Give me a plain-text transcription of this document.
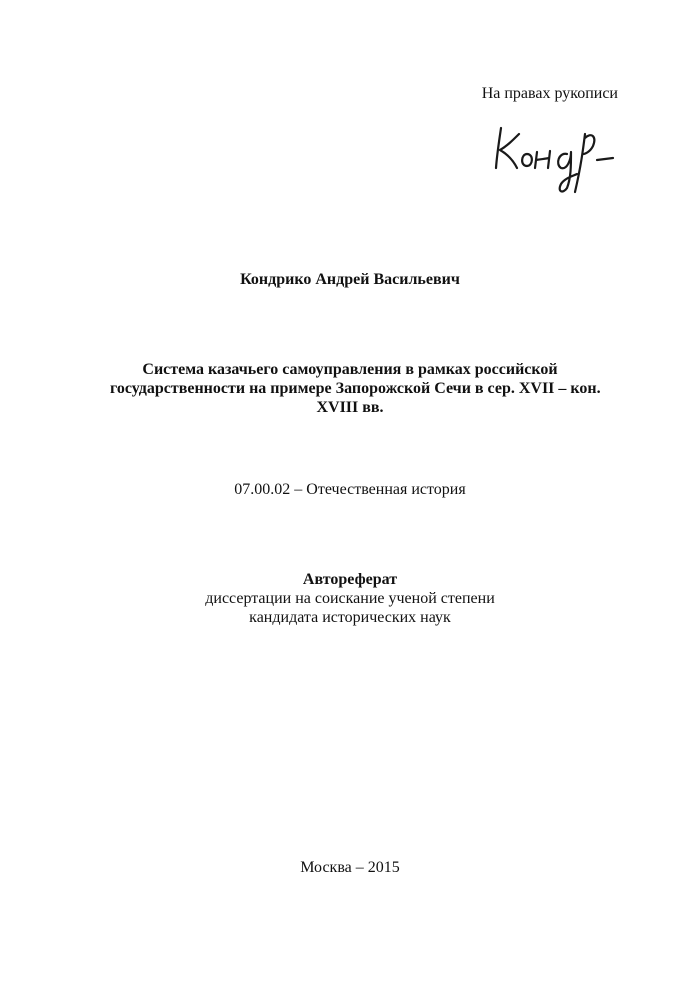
На правах рукописи
Кондрико Андрей Васильевич
Система казачьего самоуправления в рамках российской
государственности на примере Запорожской Сечи в сер. XVII – кон.
XVIII вв.
07.00.02 – Отечественная история
Автореферат
диссертации на соискание ученой степени
кандидата исторических наук
Москва – 2015
